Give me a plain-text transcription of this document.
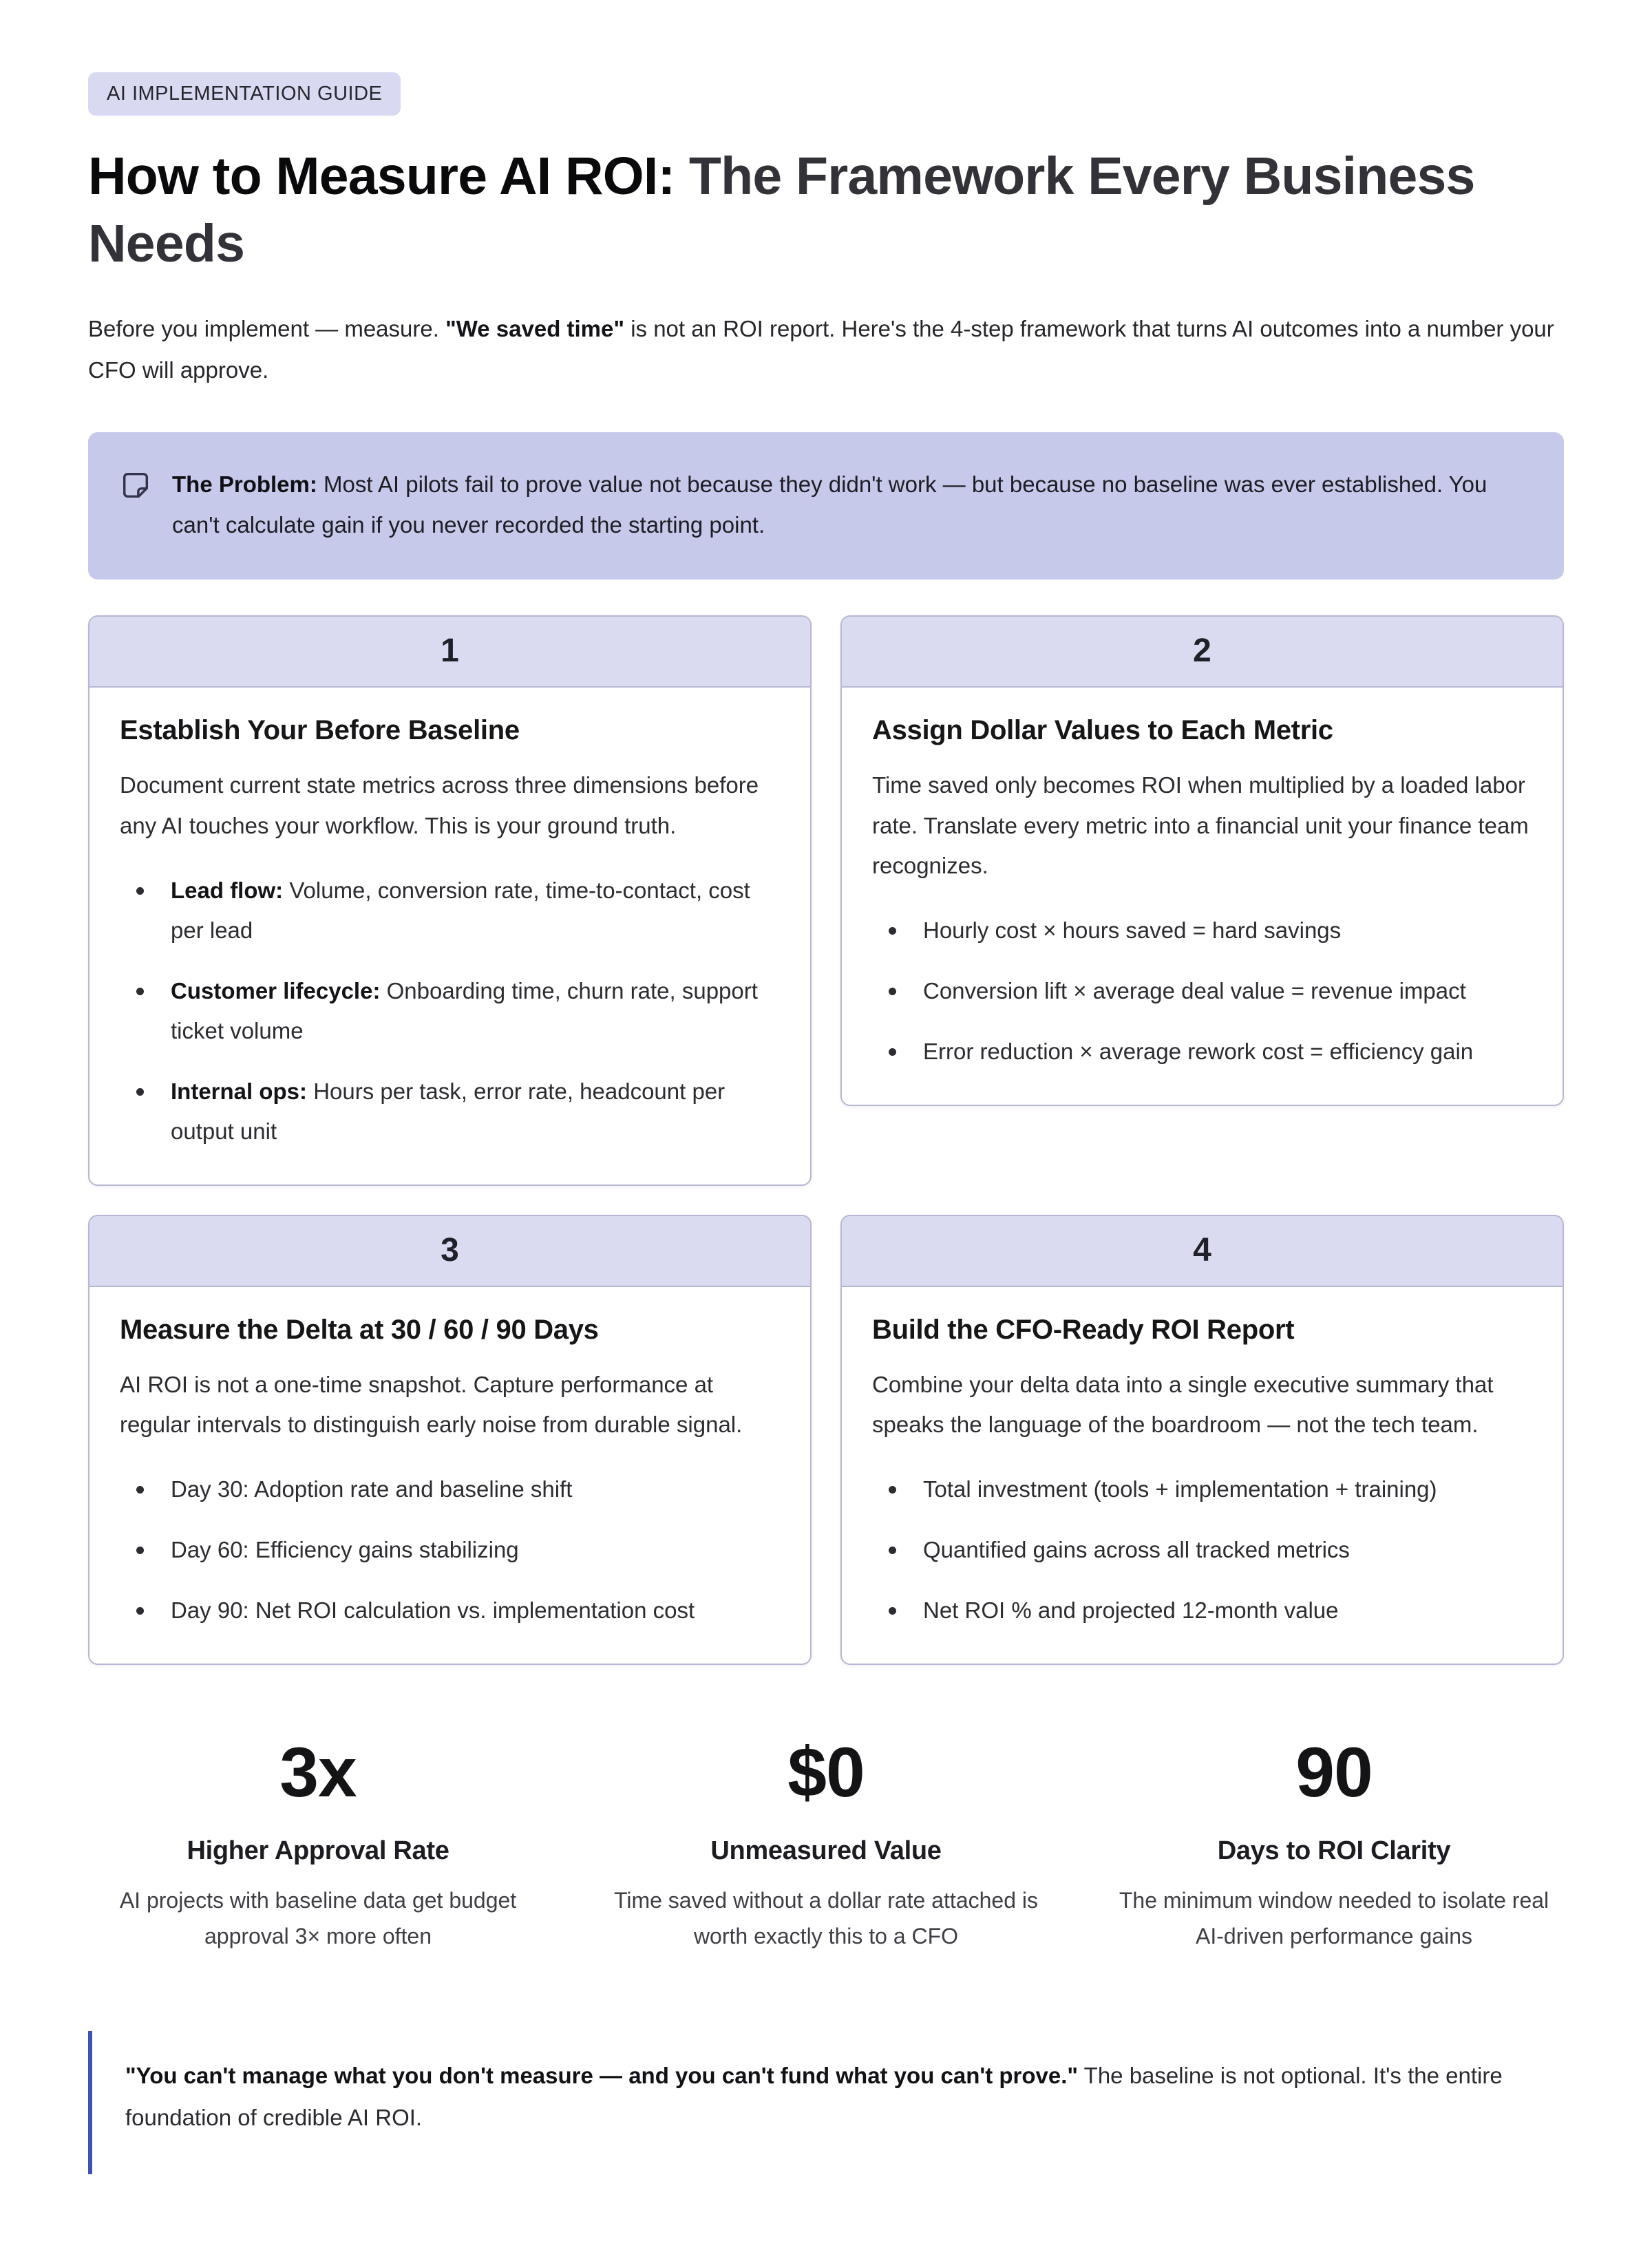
AI IMPLEMENTATION GUIDE
How to Measure AI ROI: The Framework Every Business Needs

Before you implement — measure. "We saved time" is not an ROI report. Here's the 4-step framework that turns AI outcomes into a number your CFO will approve.

The Problem: Most AI pilots fail to prove value not because they didn't work — but because no baseline was ever established. You can't calculate gain if you never recorded the starting point.

1
Establish Your Before Baseline

Document current state metrics across three dimensions before any AI touches your workflow. This is your ground truth.

Lead flow: Volume, conversion rate, time-to-contact, cost per lead
Customer lifecycle: Onboarding time, churn rate, support ticket volume
Internal ops: Hours per task, error rate, headcount per output unit
2
Assign Dollar Values to Each Metric

Time saved only becomes ROI when multiplied by a loaded labor rate. Translate every metric into a financial unit your finance team recognizes.

Hourly cost × hours saved = hard savings
Conversion lift × average deal value = revenue impact
Error reduction × average rework cost = efficiency gain
3
Measure the Delta at 30 / 60 / 90 Days

AI ROI is not a one-time snapshot. Capture performance at regular intervals to distinguish early noise from durable signal.

Day 30: Adoption rate and baseline shift
Day 60: Efficiency gains stabilizing
Day 90: Net ROI calculation vs. implementation cost
4
Build the CFO-Ready ROI Report

Combine your delta data into a single executive summary that speaks the language of the boardroom — not the tech team.

Total investment (tools + implementation + training)
Quantified gains across all tracked metrics
Net ROI % and projected 12-month value
3x
Higher Approval Rate

AI projects with baseline data get budget approval 3× more often

$0
Unmeasured Value

Time saved without a dollar rate attached is worth exactly this to a CFO

90
Days to ROI Clarity

The minimum window needed to isolate real AI-driven performance gains

"You can't manage what you don't measure — and you can't fund what you can't prove." The baseline is not optional. It's the entire foundation of credible AI ROI.
